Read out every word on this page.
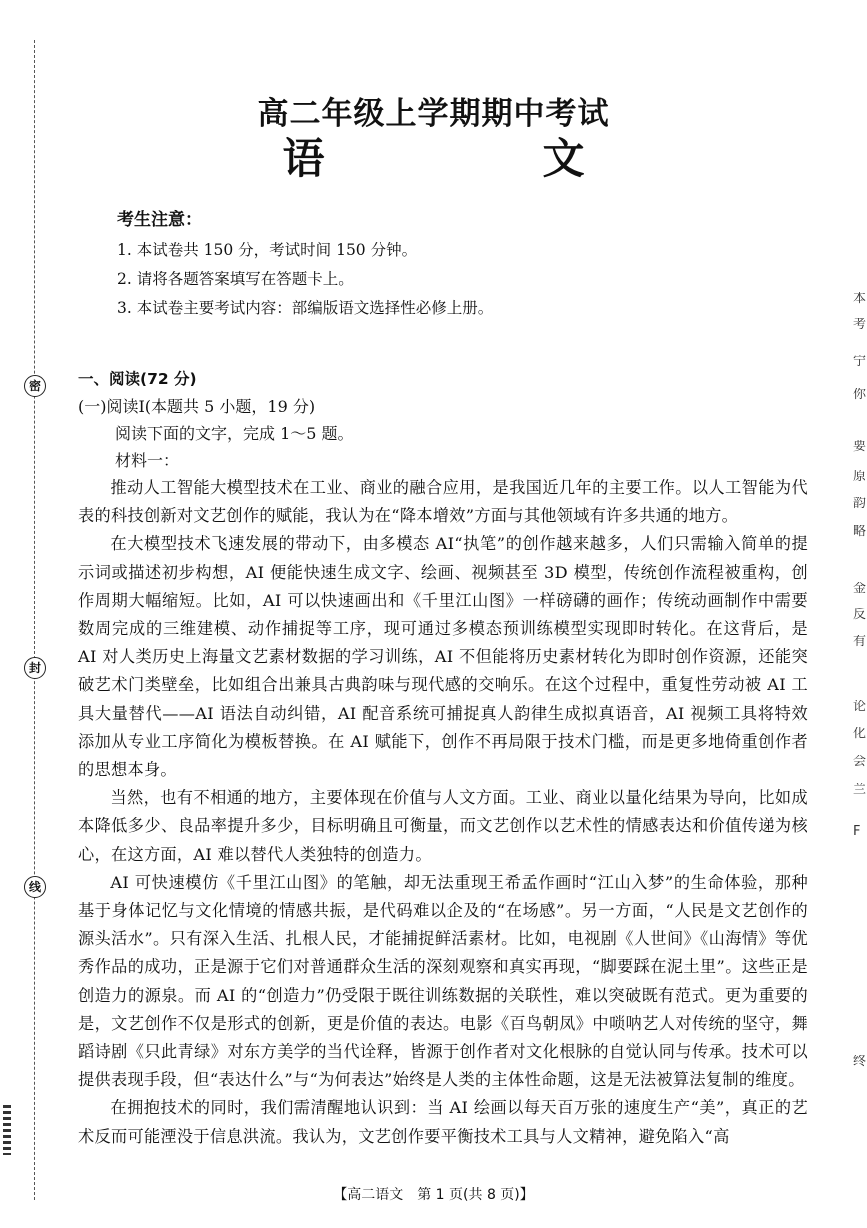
密
封
线
本
考
宁
你
要
原
韵
略
金
反
有
论
化
会
兰
F
终
高二年级上学期期中考试
语　文
考生注意：
1. 本试卷共 150 分，考试时间 150 分钟。
2. 请将各题答案填写在答题卡上。
3. 本试卷主要考试内容：部编版语文选择性必修上册。
一、阅读(72 分)
(一)阅读Ⅰ(本题共 5 小题，19 分)
阅读下面的文字，完成 1～5 题。
材料一：

推动人工智能大模型技术在工业、商业的融合应用，是我国近几年的主要工作。以人工智能为代表的科技创新对文艺创作的赋能，我认为在“降本增效”方面与其他领域有许多共通的地方。

在大模型技术飞速发展的带动下，由多模态 AI“执笔”的创作越来越多，人们只需输入简单的提示词或描述初步构想，AI 便能快速生成文字、绘画、视频甚至 3D 模型，传统创作流程被重构，创作周期大幅缩短。比如，AI 可以快速画出和《千里江山图》一样磅礴的画作；传统动画制作中需要数周完成的三维建模、动作捕捉等工序，现可通过多模态预训练模型实现即时转化。在这背后，是 AI 对人类历史上海量文艺素材数据的学习训练，AI 不但能将历史素材转化为即时创作资源，还能突破艺术门类壁垒，比如组合出兼具古典韵味与现代感的交响乐。在这个过程中，重复性劳动被 AI 工具大量替代——AI 语法自动纠错，AI 配音系统可捕捉真人韵律生成拟真语音，AI 视频工具将特效添加从专业工序简化为模板替换。在 AI 赋能下，创作不再局限于技术门槛，而是更多地倚重创作者的思想本身。

当然，也有不相通的地方，主要体现在价值与人文方面。工业、商业以量化结果为导向，比如成本降低多少、良品率提升多少，目标明确且可衡量，而文艺创作以艺术性的情感表达和价值传递为核心，在这方面，AI 难以替代人类独特的创造力。

AI 可快速模仿《千里江山图》的笔触，却无法重现王希孟作画时“江山入梦”的生命体验，那种基于身体记忆与文化情境的情感共振，是代码难以企及的“在场感”。另一方面，“人民是文艺创作的源头活水”。只有深入生活、扎根人民，才能捕捉鲜活素材。比如，电视剧《人世间》《山海情》等优秀作品的成功，正是源于它们对普通群众生活的深刻观察和真实再现，“脚要踩在泥土里”。这些正是创造力的源泉。而 AI 的“创造力”仍受限于既往训练数据的关联性，难以突破既有范式。更为重要的是，文艺创作不仅是形式的创新，更是价值的表达。电影《百鸟朝凤》中唢呐艺人对传统的坚守，舞蹈诗剧《只此青绿》对东方美学的当代诠释，皆源于创作者对文化根脉的自觉认同与传承。技术可以提供表现手段，但“表达什么”与“为何表达”始终是人类的主体性命题，这是无法被算法复制的维度。

在拥抱技术的同时，我们需清醒地认识到：当 AI 绘画以每天百万张的速度生产“美”，真正的艺术反而可能湮没于信息洪流。我认为，文艺创作要平衡技术工具与人文精神，避免陷入“高

【高二语文　第 1 页(共 8 页)】
